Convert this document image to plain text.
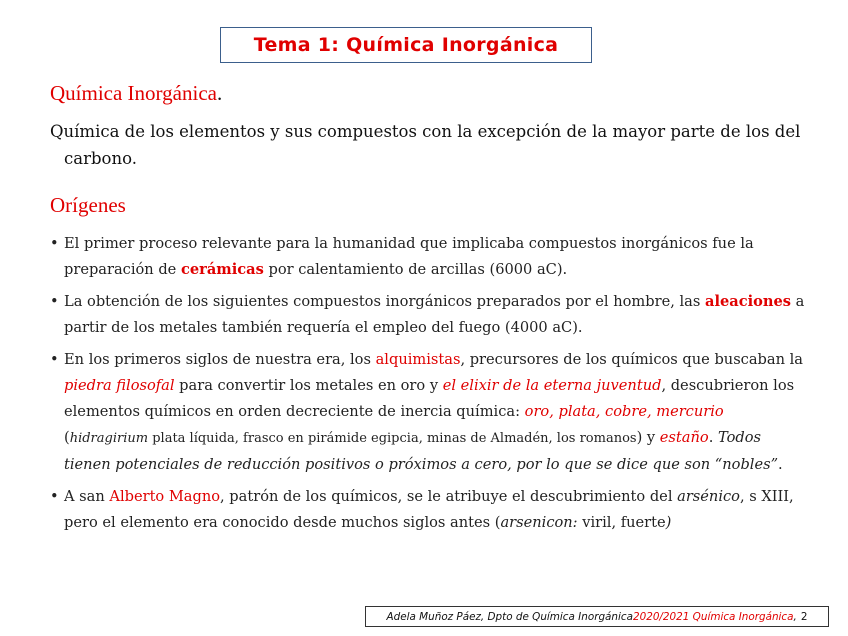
Tema 1: Química Inorgánica
Química Inorgánica.
Química de los elementos y sus compuestos con la excepción de la mayor parte de los del carbono.
Orígenes
• El primer proceso relevante para la humanidad que implicaba compuestos inorgánicos fue la preparación de cerámicas por calentamiento de arcillas (6000 aC).
• La obtención de los siguientes compuestos inorgánicos preparados por el hombre, las aleaciones a partir de los metales también requería el empleo del fuego (4000 aC).
• En los primeros siglos de nuestra era, los alquimistas, precursores de los químicos que buscaban la piedra filosofal para convertir los metales en oro y el elixir de la eterna juventud, descubrieron los elementos químicos en orden decreciente de inercia química: oro, plata, cobre, mercurio (hidragirium plata líquida, frasco en pirámide egipcia, minas de Almadén, los romanos) y estaño. Todos tienen potenciales de reducción positivos o próximos a cero, por lo que se dice que son “nobles”.
• A san Alberto Magno, patrón de los químicos, se le atribuye el descubrimiento del arsénico, s XIII, pero el elemento era conocido desde muchos siglos antes (arsenicon: viril, fuerte)
Adela Muñoz Páez, Dpto de Química Inorgánica 2020/2021 Química Inorgánica , 2
